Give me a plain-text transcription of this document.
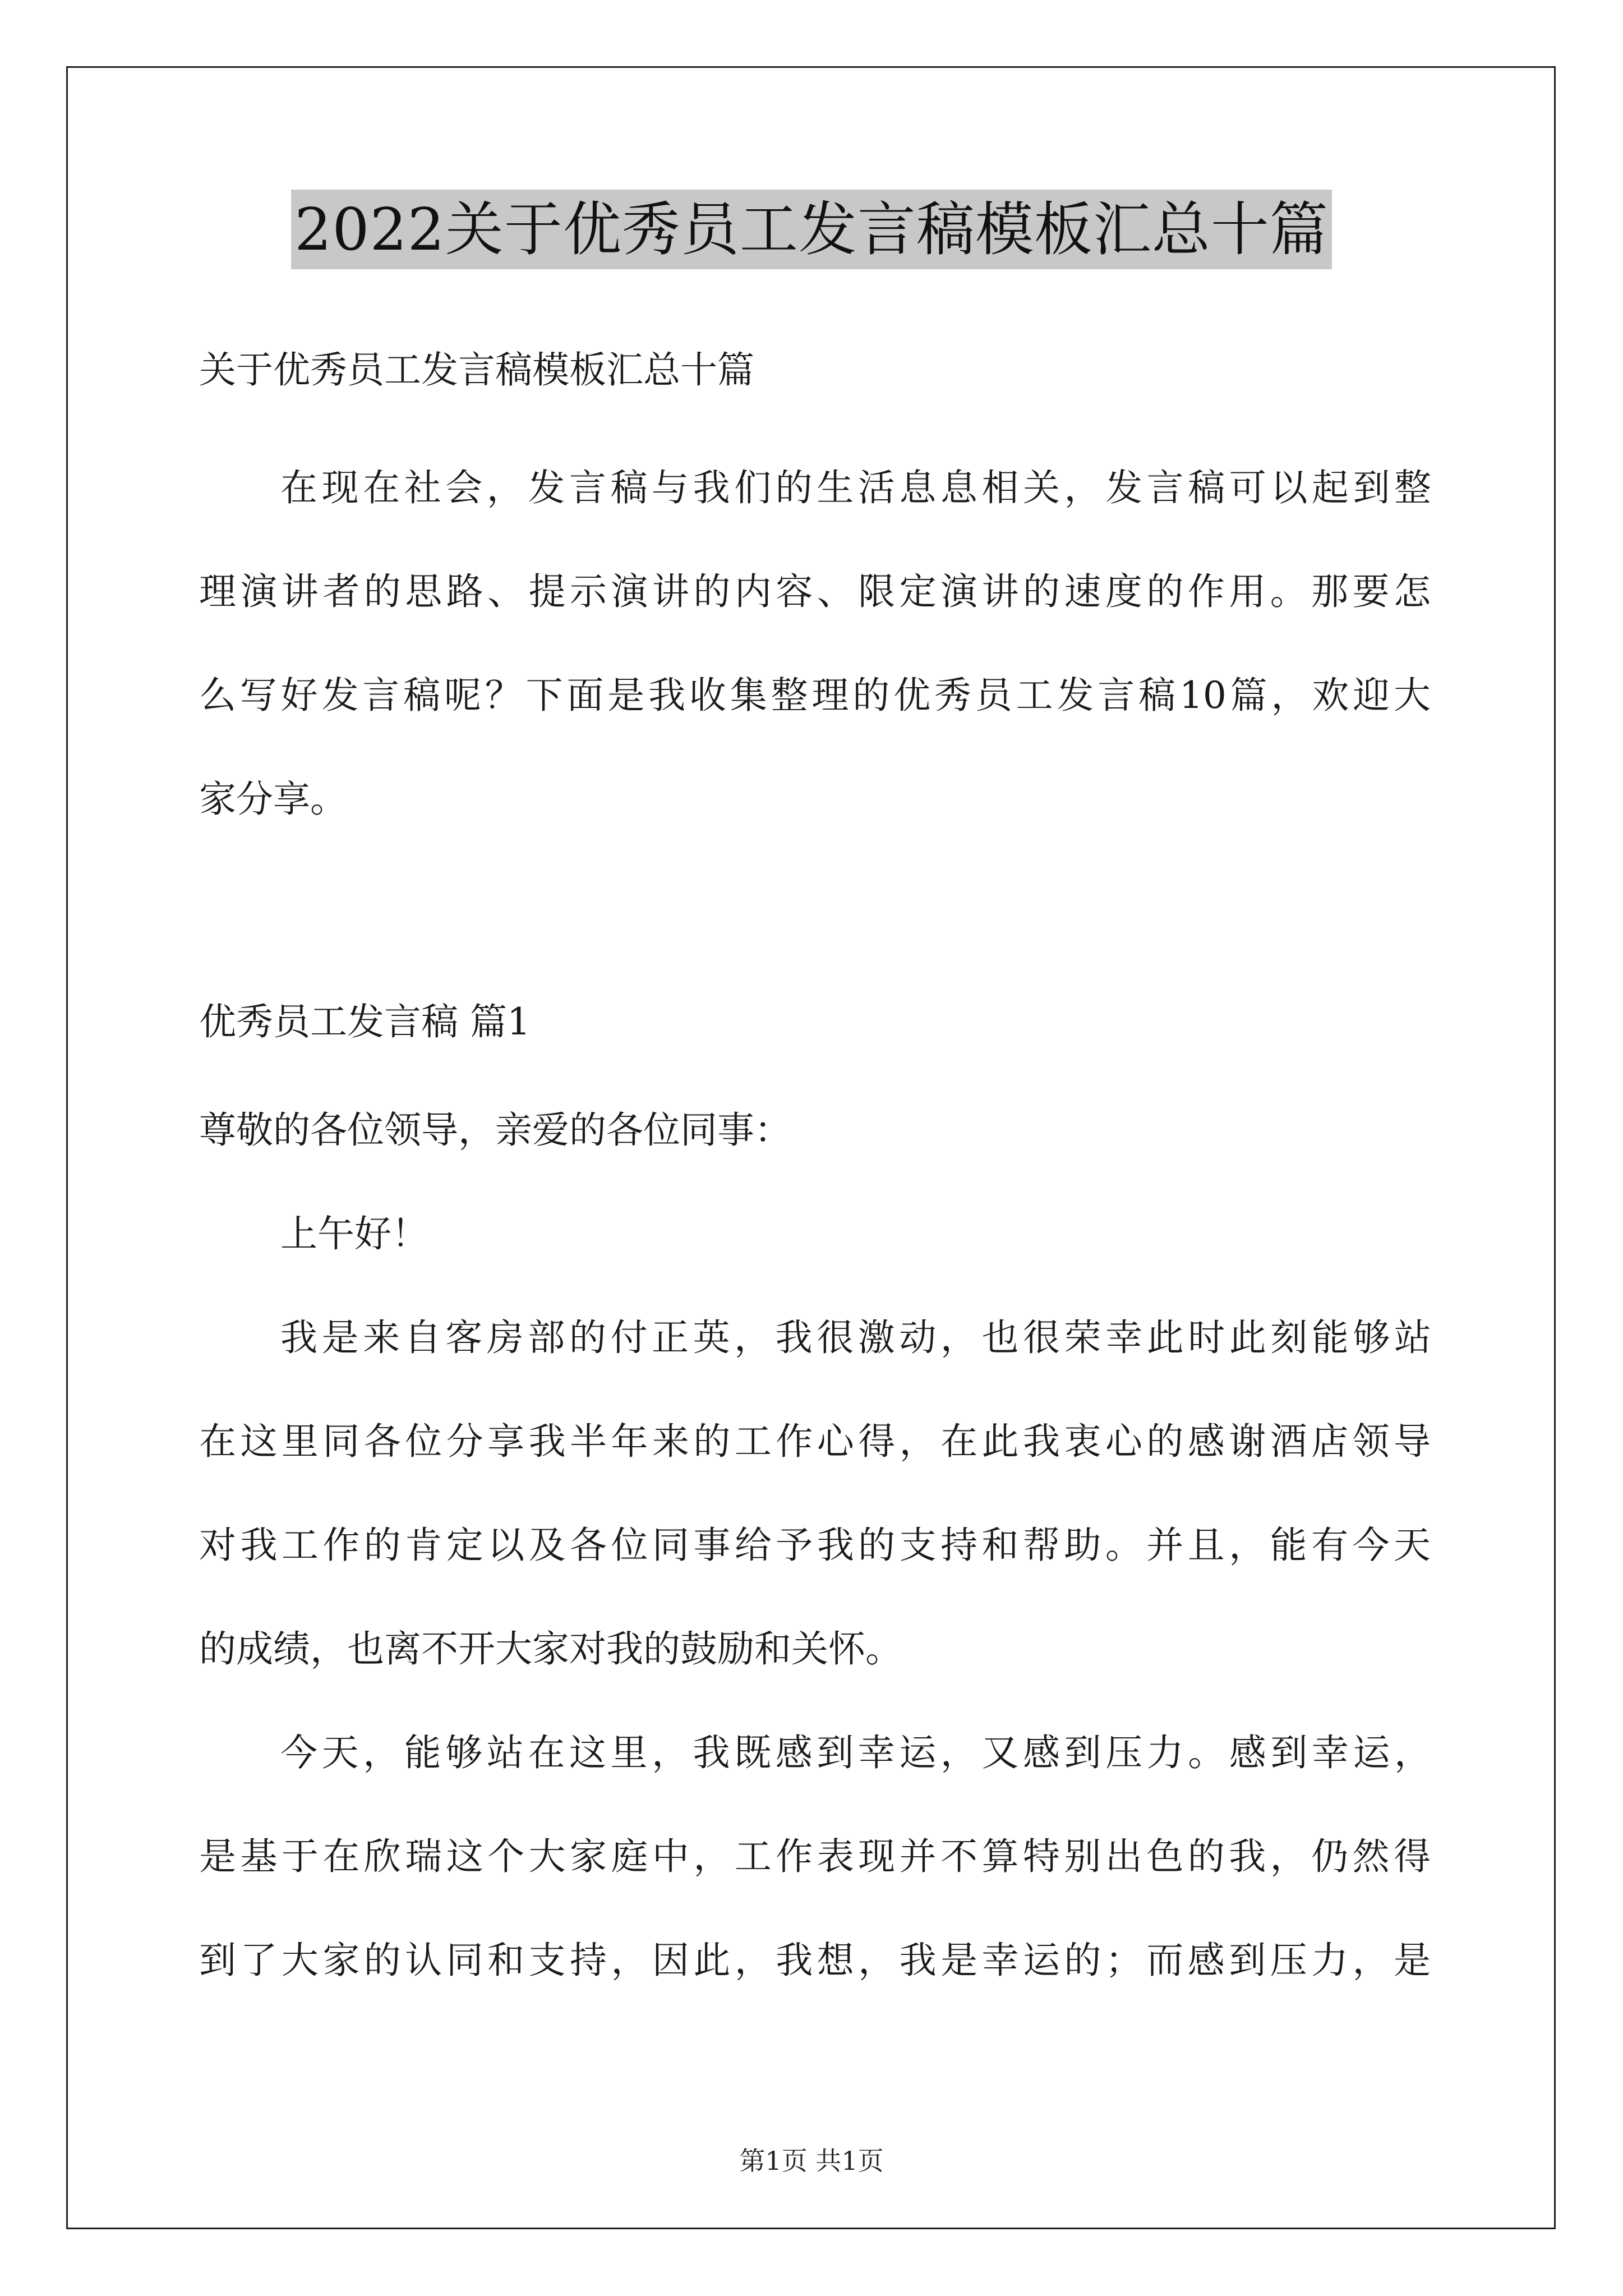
2022关于优秀员工发言稿模板汇总十篇
关于优秀员工发言稿模板汇总十篇
在现在社会，发言稿与我们的生活息息相关，发言稿可以起到整
理演讲者的思路、提示演讲的内容、限定演讲的速度的作用。那要怎
么写好发言稿呢？下面是我收集整理的优秀员工发言稿10篇，欢迎大
家分享。
优秀员工发言稿 篇1
尊敬的各位领导，亲爱的各位同事：
上午好！
我是来自客房部的付正英，我很激动，也很荣幸此时此刻能够站
在这里同各位分享我半年来的工作心得，在此我衷心的感谢酒店领导
对我工作的肯定以及各位同事给予我的支持和帮助。并且，能有今天
的成绩，也离不开大家对我的鼓励和关怀。
今天，能够站在这里，我既感到幸运，又感到压力。感到幸运，
是基于在欣瑞这个大家庭中，工作表现并不算特别出色的我，仍然得
到了大家的认同和支持，因此，我想，我是幸运的；而感到压力，是
第1页 共1页
